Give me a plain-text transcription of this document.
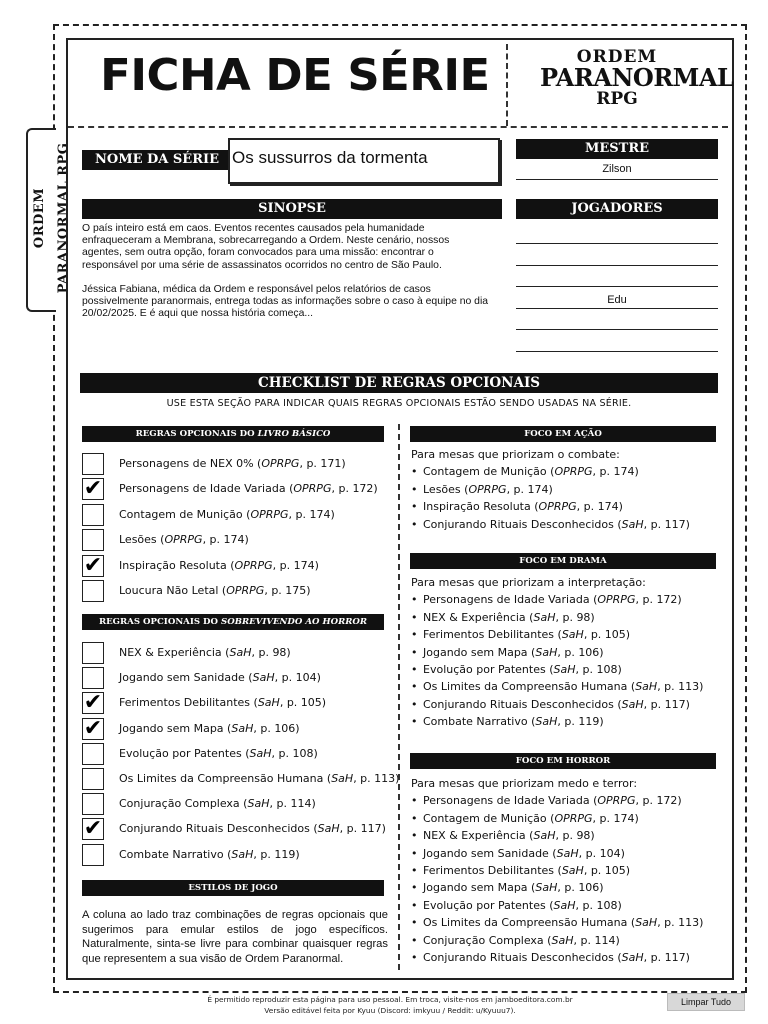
ORDEM PARANORMAL RPG
FICHA DE SÉRIE	ORDEM
PARANORMAL
RPG
NOME DA SÉRIE Os sussurros da tormenta	MESTRE
Zilson
SINOPSE

O país inteiro está em caos. Eventos recentes causados pela humanidade enfraqueceram a Membrana, sobrecarregando a Ordem. Neste cenário, nossos agentes, sem outra opção, foram convocados para uma missão: encontrar o responsável por uma série de assassinatos ocorridos no centro de São Paulo.

Jéssica Fabiana, médica da Ordem e responsável pelos relatórios de casos possivelmente paranormais, entrega todas as informações sobre o caso à equipe no dia 20/02/2025. E é aqui que nossa história começa...

JOGADORES
Edu
CHECKLIST DE REGRAS OPCIONAIS
USE ESTA SEÇÃO PARA INDICAR QUAIS REGRAS OPCIONAIS ESTÃO SENDO USADAS NA SÉRIE.
REGRAS OPCIONAIS DO LIVRO BÁSICO
Personagens de NEX 0% (OPRPG, p. 171)
✔ Personagens de Idade Variada (OPRPG, p. 172)
Contagem de Munição (OPRPG, p. 174)
Lesões (OPRPG, p. 174)
✔ Inspiração Resoluta (OPRPG, p. 174)
Loucura Não Letal (OPRPG, p. 175)
REGRAS OPCIONAIS DO SOBREVIVENDO AO HORROR
NEX & Experiência (SaH, p. 98)
Jogando sem Sanidade (SaH, p. 104)
✔ Ferimentos Debilitantes (SaH, p. 105)
✔ Jogando sem Mapa (SaH, p. 106)
Evolução por Patentes (SaH, p. 108)
Os Limites da Compreensão Humana (SaH, p. 113)
Conjuração Complexa (SaH, p. 114)
✔ Conjurando Rituais Desconhecidos (SaH, p. 117)
Combate Narrativo (SaH, p. 119)
ESTILOS DE JOGO
A coluna ao lado traz combinações de regras opcionais que sugerimos para emular estilos de jogo específicos. Naturalmente, sinta-se livre para combinar quaisquer regras que representem a sua visão de Ordem Paranormal.
FOCO EM AÇÃO
Para mesas que priorizam o combate:
• Contagem de Munição (OPRPG, p. 174)
• Lesões (OPRPG, p. 174)
• Inspiração Resoluta (OPRPG, p. 174)
• Conjurando Rituais Desconhecidos (SaH, p. 117)
FOCO EM DRAMA
Para mesas que priorizam a interpretação:
• Personagens de Idade Variada (OPRPG, p. 172)
• NEX & Experiência (SaH, p. 98)
• Ferimentos Debilitantes (SaH, p. 105)
• Jogando sem Mapa (SaH, p. 106)
• Evolução por Patentes (SaH, p. 108)
• Os Limites da Compreensão Humana (SaH, p. 113)
• Conjurando Rituais Desconhecidos (SaH, p. 117)
• Combate Narrativo (SaH, p. 119)
FOCO EM HORROR
Para mesas que priorizam medo e terror:
• Personagens de Idade Variada (OPRPG, p. 172)
• Contagem de Munição (OPRPG, p. 174)
• NEX & Experiência (SaH, p. 98)
• Jogando sem Sanidade (SaH, p. 104)
• Ferimentos Debilitantes (SaH, p. 105)
• Jogando sem Mapa (SaH, p. 106)
• Evolução por Patentes (SaH, p. 108)
• Os Limites da Compreensão Humana (SaH, p. 113)
• Conjuração Complexa (SaH, p. 114)
• Conjurando Rituais Desconhecidos (SaH, p. 117)
É permitido reproduzir esta página para uso pessoal. Em troca, visite-nos em jamboeditora.com.br
Versão editável feita por Kyuu (Discord: imkyuu / Reddit: u/Kyuuu7).
Limpar Tudo
